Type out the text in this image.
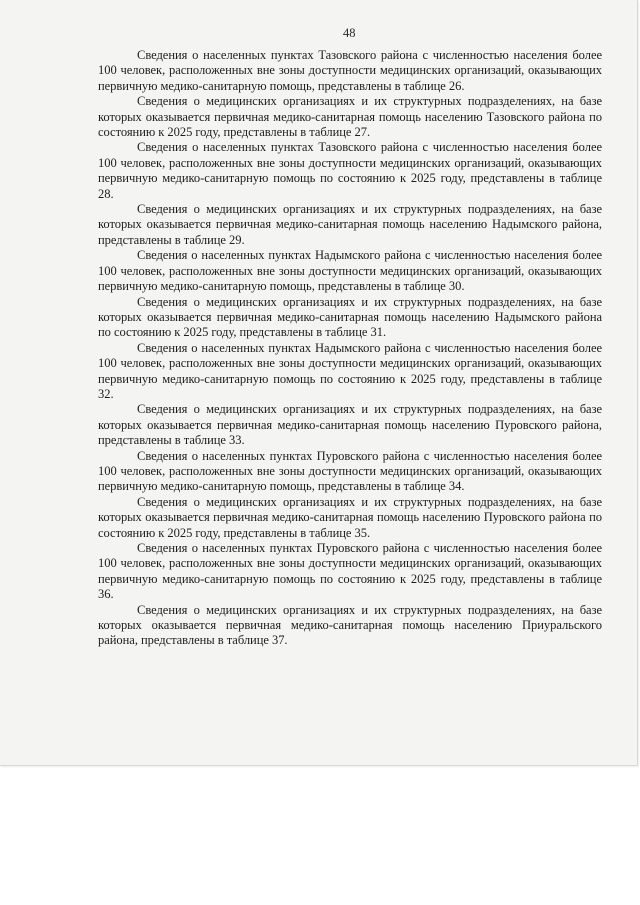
48

Сведения о населенных пунктах Тазовского района с численностью населения более 100 человек, расположенных вне зоны доступности медицинских организаций, оказывающих первичную медико-санитарную помощь, представлены в таблице 26.

Сведения о медицинских организациях и их структурных подразделениях, на базе которых оказывается первичная медико-санитарная помощь населению Тазовского района по состоянию к 2025 году, представлены в таблице 27.

Сведения о населенных пунктах Тазовского района с численностью населения более 100 человек, расположенных вне зоны доступности медицинских организаций, оказывающих первичную медико-санитарную помощь по состоянию к 2025 году, представлены в таблице 28.

Сведения о медицинских организациях и их структурных подразделениях, на базе которых оказывается первичная медико-санитарная помощь населению Надымского района, представлены в таблице 29.

Сведения о населенных пунктах Надымского района с численностью населения более 100 человек, расположенных вне зоны доступности медицинских организаций, оказывающих первичную медико-санитарную помощь, представлены в таблице 30.

Сведения о медицинских организациях и их структурных подразделениях, на базе которых оказывается первичная медико-санитарная помощь населению Надымского района по состоянию к 2025 году, представлены в таблице 31.

Сведения о населенных пунктах Надымского района с численностью населения более 100 человек, расположенных вне зоны доступности медицинских организаций, оказывающих первичную медико-санитарную помощь по состоянию к 2025 году, представлены в таблице 32.

Сведения о медицинских организациях и их структурных подразделениях, на базе которых оказывается первичная медико-санитарная помощь населению Пуровского района, представлены в таблице 33.

Сведения о населенных пунктах Пуровского района с численностью населения более 100 человек, расположенных вне зоны доступности медицинских организаций, оказывающих первичную медико-санитарную помощь, представлены в таблице 34.

Сведения о медицинских организациях и их структурных подразделениях, на базе которых оказывается первичная медико-санитарная помощь населению Пуровского района по состоянию к 2025 году, представлены в таблице 35.

Сведения о населенных пунктах Пуровского района с численностью населения более 100 человек, расположенных вне зоны доступности медицинских организаций, оказывающих первичную медико-санитарную помощь по состоянию к 2025 году, представлены в таблице 36.

Сведения о медицинских организациях и их структурных подразделениях, на базе которых оказывается первичная медико-санитарная помощь населению Приуральского района, представлены в таблице 37.
